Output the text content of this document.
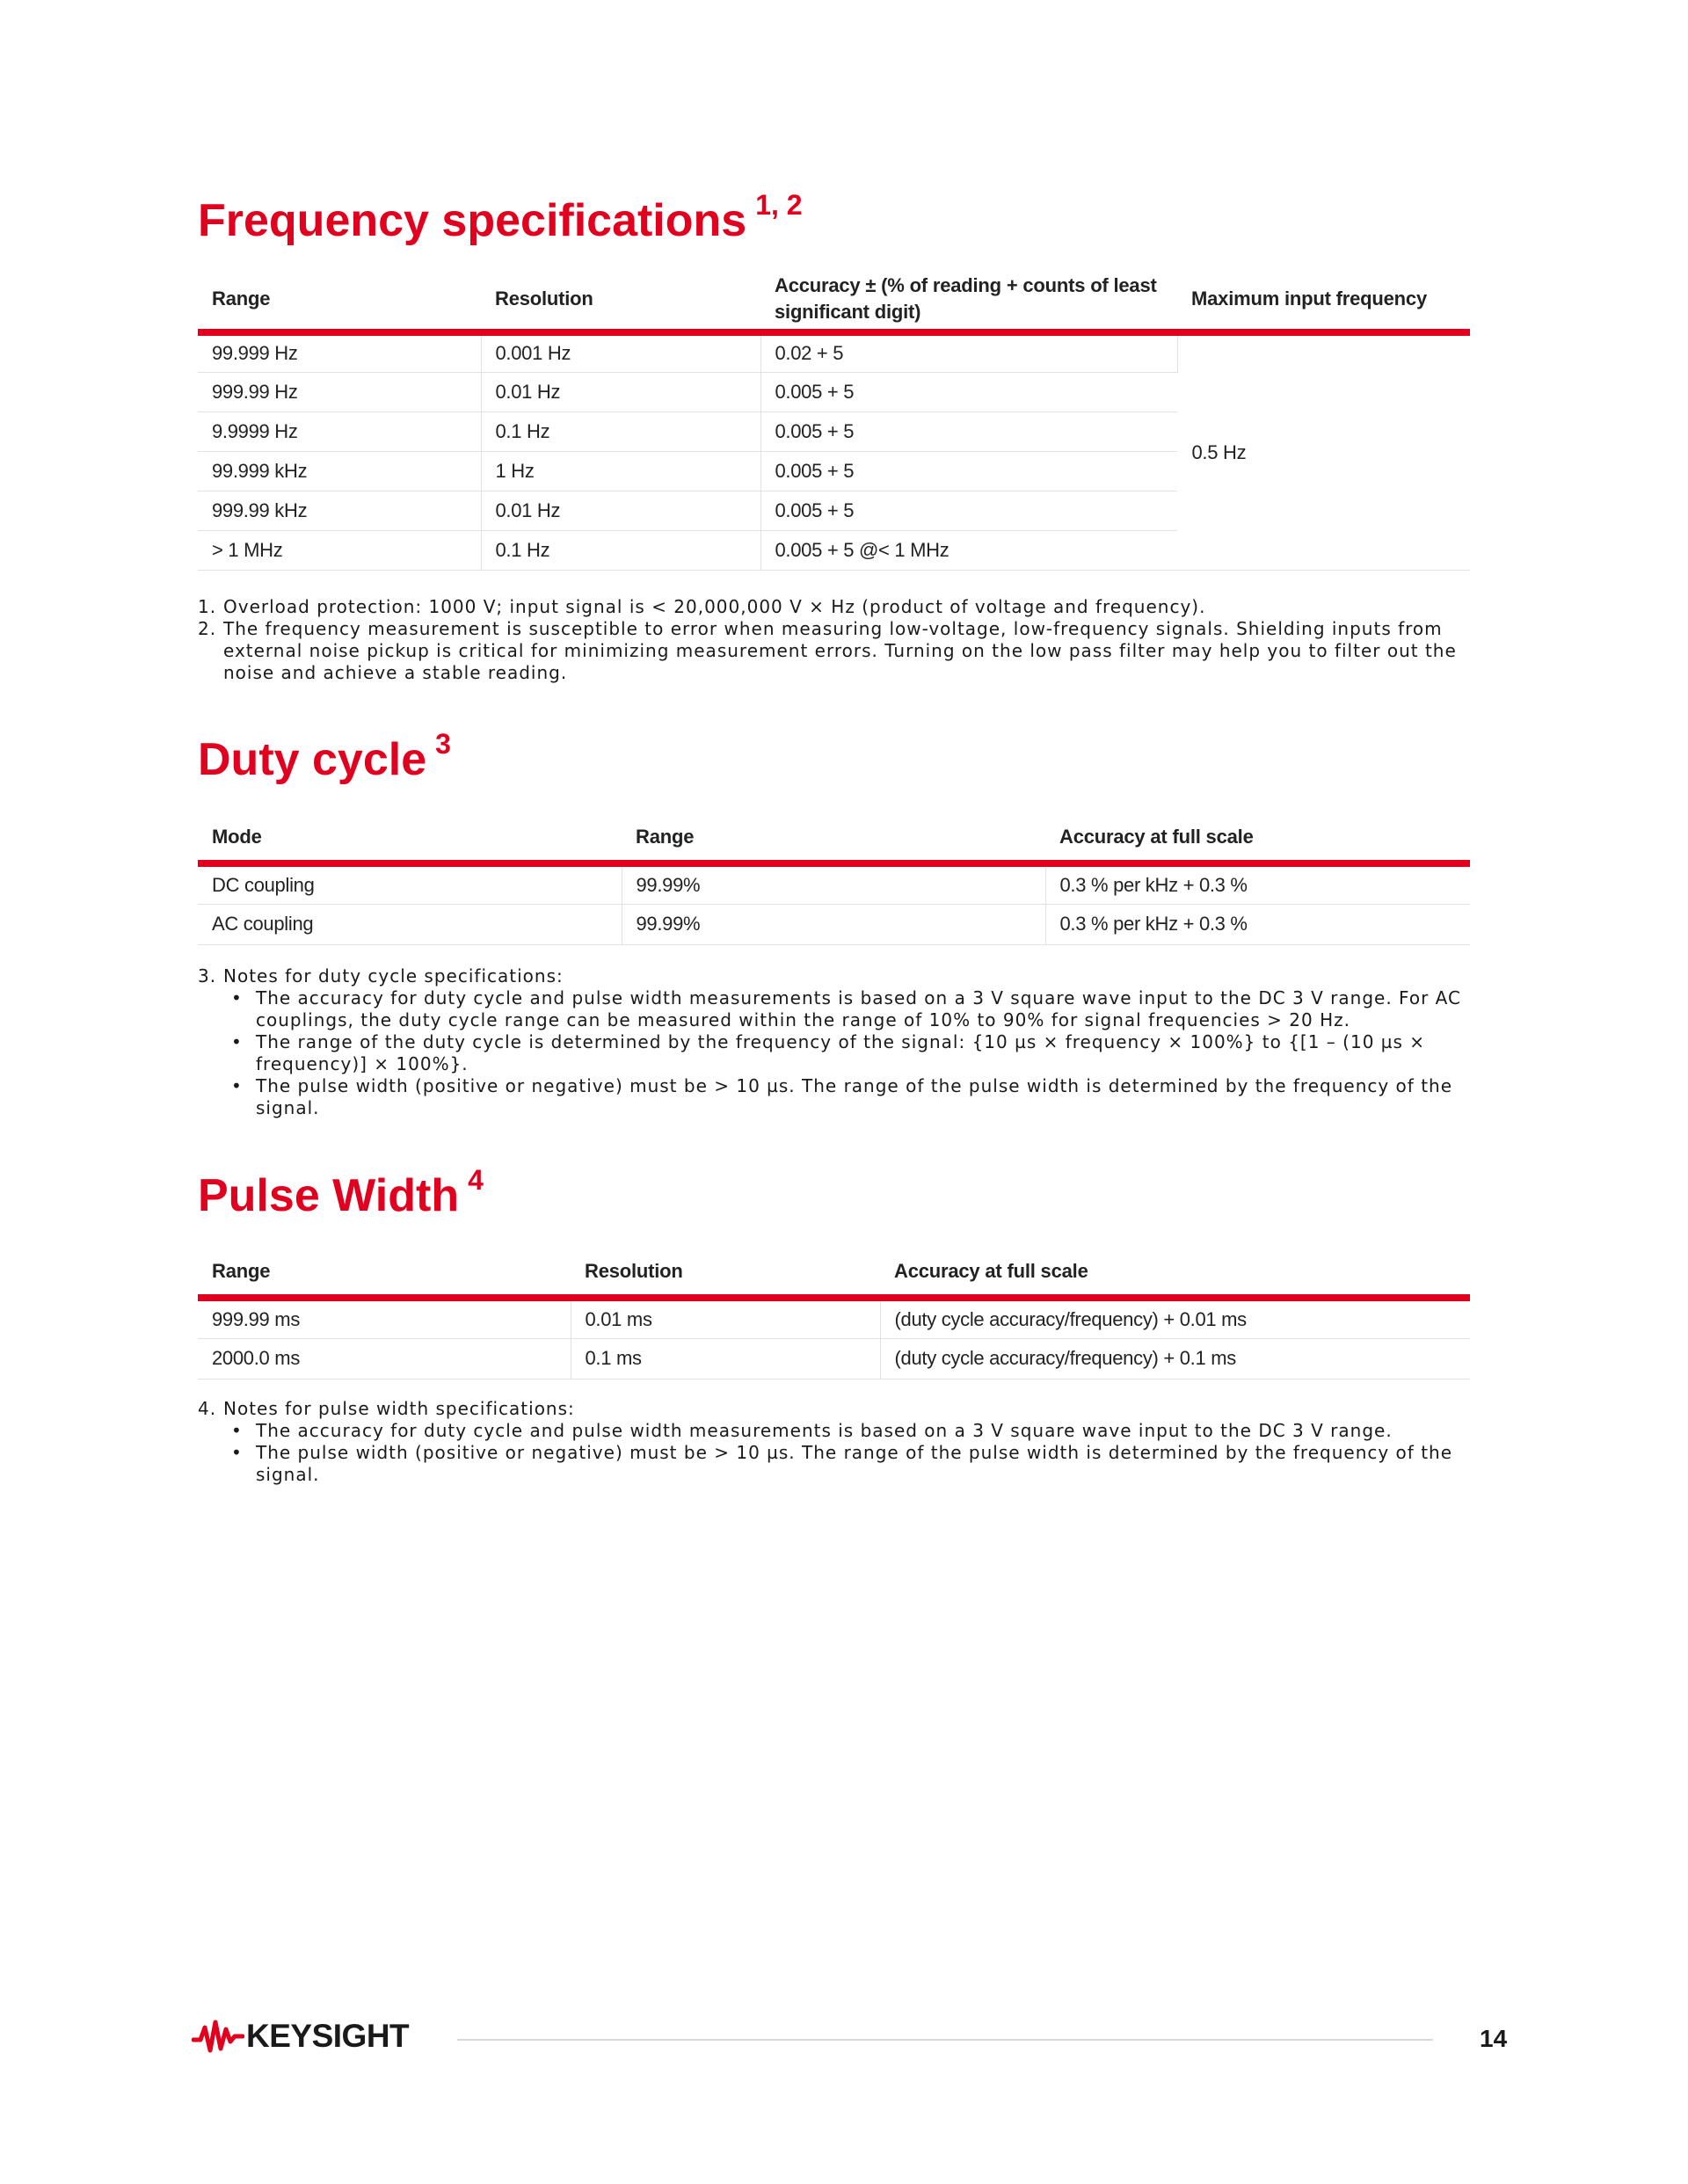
Frequency specifications $^{1, 2}$
Range	Resolution	Accuracy ± (% of reading + counts of least significant digit)	Maximum input frequency
99.999 Hz	0.001 Hz	0.02 + 5	0.5 Hz
999.99 Hz	0.01 Hz	0.005 + 5	
9.9999 Hz	0.1 Hz	0.005 + 5	
99.999 kHz	1 Hz	0.005 + 5	
999.99 kHz	0.01 Hz	0.005 + 5	
> 1 MHz	0.1 Hz	0.005 + 5 @< 1 MHz	
1. Overload protection: 1000 V; input signal is < 20,000,000 V × Hz (product of voltage and frequency).
2. The frequency measurement is susceptible to error when measuring low-voltage, low-frequency signals. Shielding inputs from external noise pickup is critical for minimizing measurement errors. Turning on the low pass filter may help you to filter out the noise and achieve a stable reading.
Duty cycle $^3$
Mode	Range	Accuracy at full scale
DC coupling	99.99%	0.3 % per kHz + 0.3 %
AC coupling	99.99%	0.3 % per kHz + 0.3 %
3. Notes for duty cycle specifications:
• The accuracy for duty cycle and pulse width measurements is based on a 3 V square wave input to the DC 3 V range. For AC couplings, the duty cycle range can be measured within the range of 10% to 90% for signal frequencies > 20 Hz.
• The range of the duty cycle is determined by the frequency of the signal: {10 µs × frequency × 100%} to {[1 – (10 µs × frequency)] × 100%}.
• The pulse width (positive or negative) must be > 10 µs. The range of the pulse width is determined by the frequency of the signal.
Pulse Width $^4$
Range	Resolution	Accuracy at full scale
999.99 ms	0.01 ms	(duty cycle accuracy/frequency) + 0.01 ms
2000.0 ms	0.1 ms	(duty cycle accuracy/frequency) + 0.1 ms
4. Notes for pulse width specifications:
• The accuracy for duty cycle and pulse width measurements is based on a 3 V square wave input to the DC 3 V range.
• The pulse width (positive or negative) must be > 10 µs. The range of the pulse width is determined by the frequency of the signal.
KEYSIGHT	14
